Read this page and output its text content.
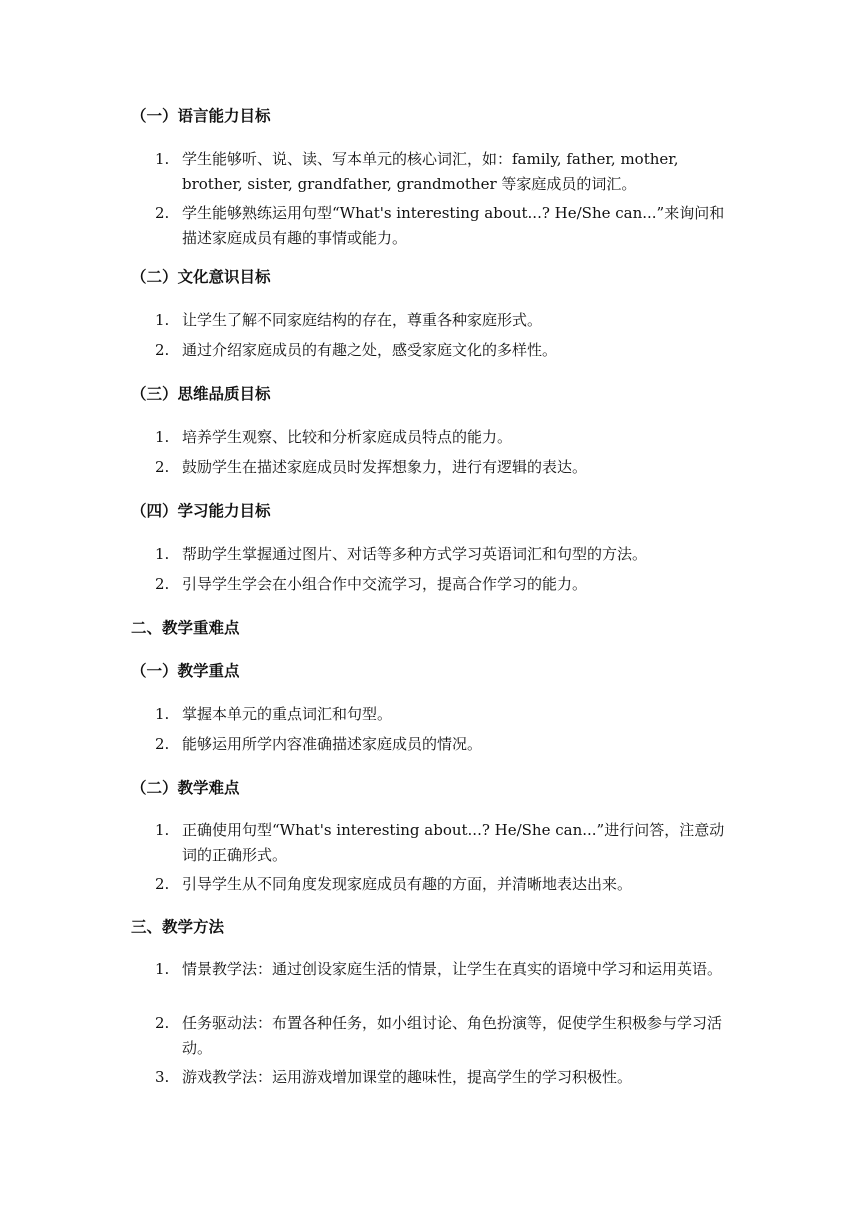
（一）语言能力目标
1. 学生能够听、说、读、写本单元的核心词汇，如：family, father, mother, brother, sister, grandfather, grandmother 等家庭成员的词汇。
2. 学生能够熟练运用句型“What's interesting about...? He/She can...”来询问和描述家庭成员有趣的事情或能力。
（二）文化意识目标
1. 让学生了解不同家庭结构的存在，尊重各种家庭形式。
2. 通过介绍家庭成员的有趣之处，感受家庭文化的多样性。
（三）思维品质目标
1. 培养学生观察、比较和分析家庭成员特点的能力。
2. 鼓励学生在描述家庭成员时发挥想象力，进行有逻辑的表达。
（四）学习能力目标
1. 帮助学生掌握通过图片、对话等多种方式学习英语词汇和句型的方法。
2. 引导学生学会在小组合作中交流学习，提高合作学习的能力。
二、教学重难点
（一）教学重点
1. 掌握本单元的重点词汇和句型。
2. 能够运用所学内容准确描述家庭成员的情况。
（二）教学难点
1. 正确使用句型“What's interesting about...? He/She can...”进行问答，注意动词的正确形式。
2. 引导学生从不同角度发现家庭成员有趣的方面，并清晰地表达出来。
三、教学方法
1. 情景教学法：通过创设家庭生活的情景，让学生在真实的语境中学习和运用英语。
2. 任务驱动法：布置各种任务，如小组讨论、角色扮演等，促使学生积极参与学习活动。
3. 游戏教学法：运用游戏增加课堂的趣味性，提高学生的学习积极性。
